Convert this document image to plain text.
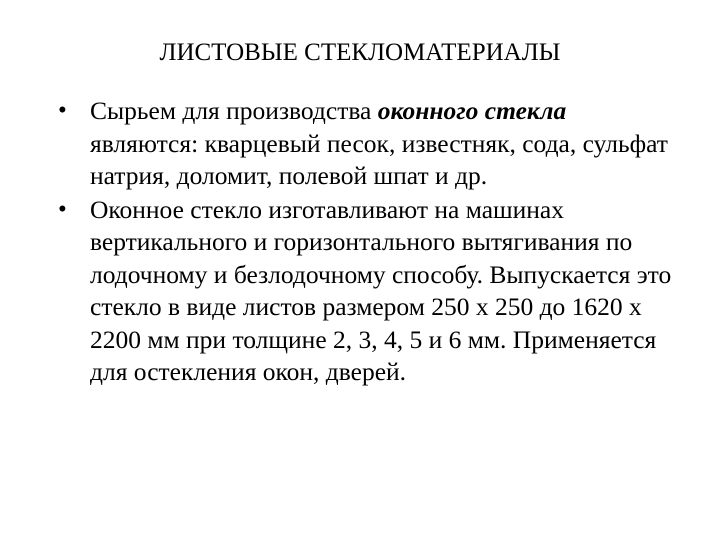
ЛИСТОВЫЕ СТЕКЛОМАТЕРИАЛЫ
• Сырьем для производства оконного стекла являются: кварцевый песок, известняк, сода, сульфат натрия, доломит, полевой шпат и др.
• Оконное стекло изготавливают на машинах вертикального и горизонтального вытягивания по лодочному и безлодочному способу. Выпускается это стекло в виде листов размером 250 х 250 до 1620 х 2200 мм при толщине 2, 3, 4, 5 и 6 мм. Применяется для остекления окон, дверей.
